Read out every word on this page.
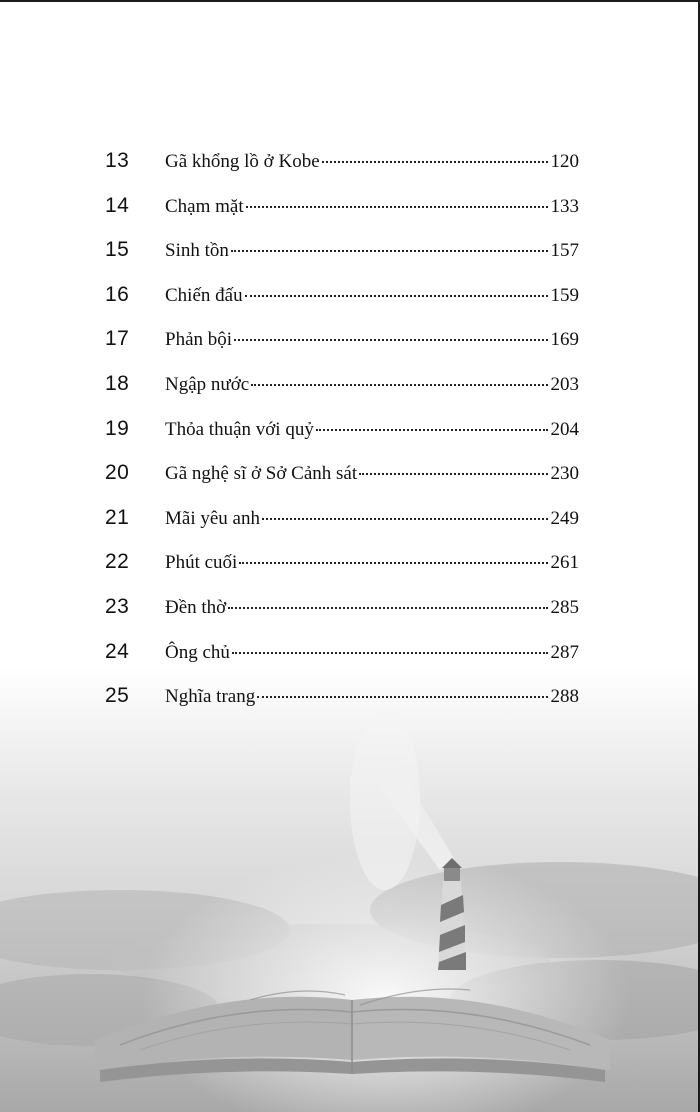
13 Gã khổng lồ ở Kobe	120
14 Chạm mặt	133
15 Sinh tồn	157
16 Chiến đấu	159
17 Phản bội	169
18 Ngập nước	203
19 Thỏa thuận với quỷ	204
20 Gã nghệ sĩ ở Sở Cảnh sát	230
21 Mãi yêu anh	249
22 Phút cuối	261
23 Đền thờ	285
24 Ông chủ	287
25 Nghĩa trang	288
